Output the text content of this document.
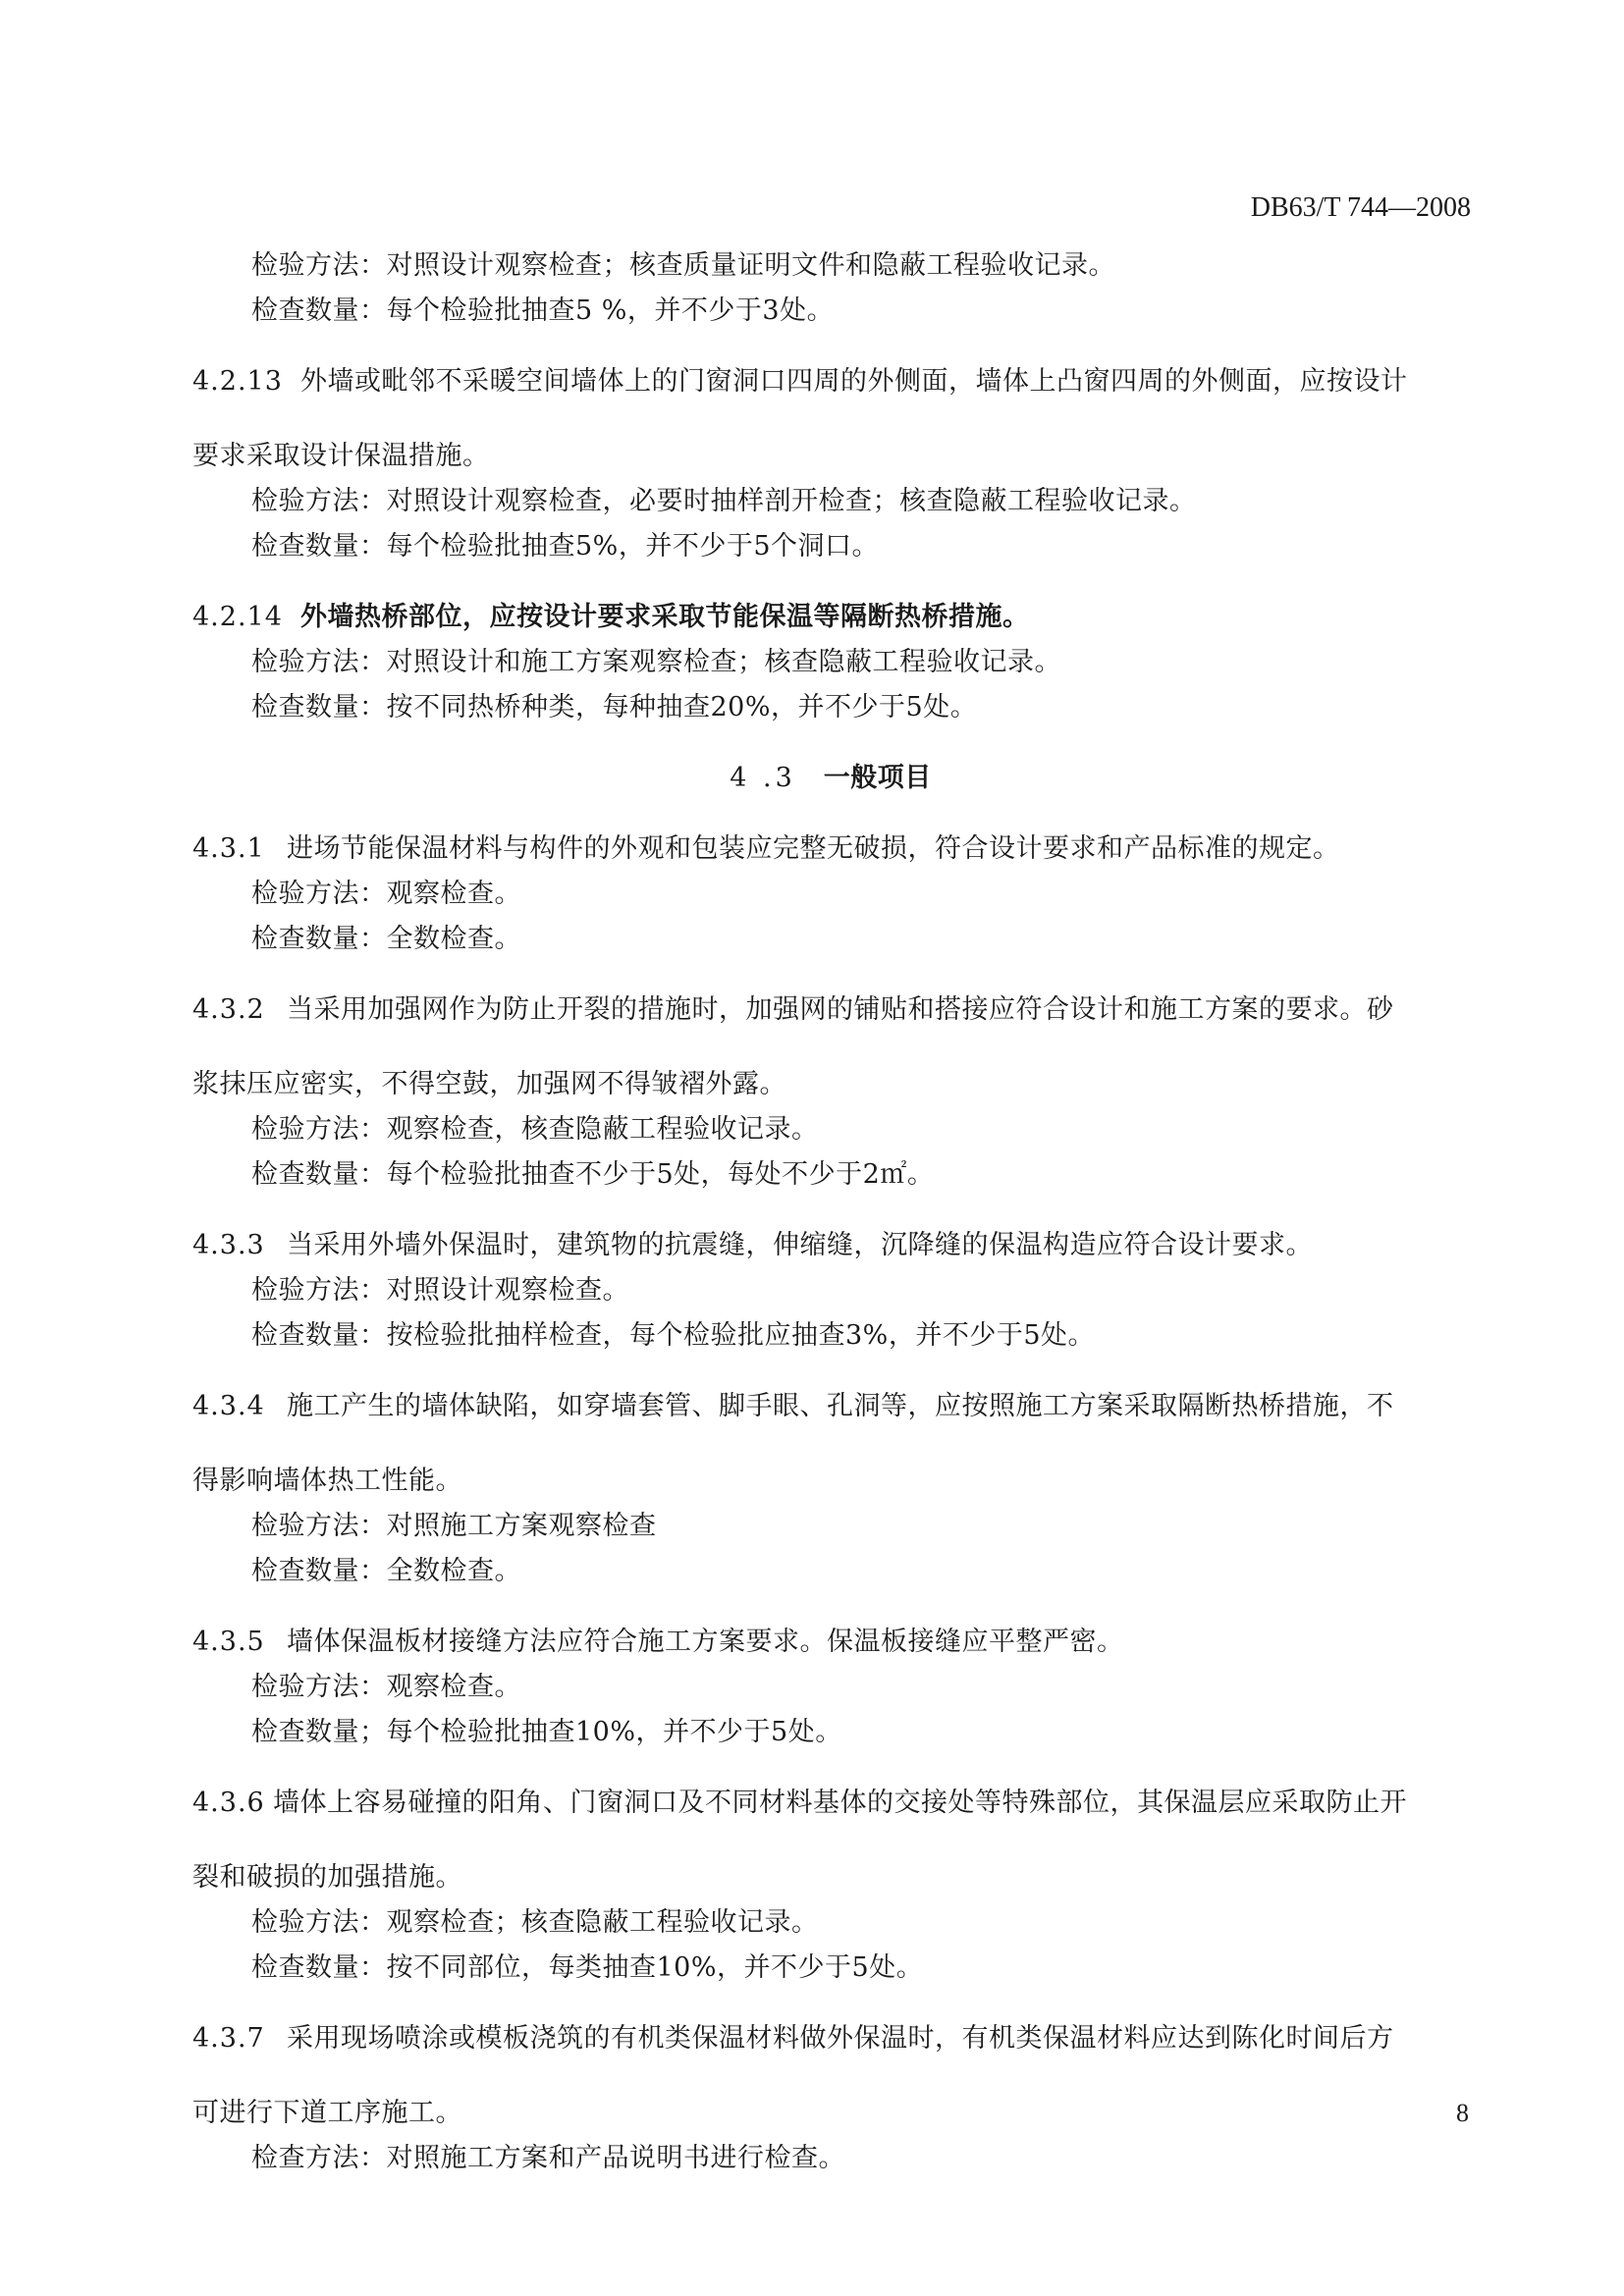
DB63/T 744—2008
检验方法：对照设计观察检查；核查质量证明文件和隐蔽工程验收记录。
检查数量：每个检验批抽查5 %，并不少于3处。
4.2.13 外墙或毗邻不采暖空间墙体上的门窗洞口四周的外侧面，墙体上凸窗四周的外侧面，应按设计
要求采取设计保温措施。
检验方法：对照设计观察检查，必要时抽样剖开检查；核查隐蔽工程验收记录。
检查数量：每个检验批抽查5%，并不少于5个洞口。
4.2.14 外墙热桥部位，应按设计要求采取节能保温等隔断热桥措施。
检验方法：对照设计和施工方案观察检查；核查隐蔽工程验收记录。
检查数量：按不同热桥种类，每种抽查20%，并不少于5处。
4 .3 一般项目
4.3.1 进场节能保温材料与构件的外观和包装应完整无破损，符合设计要求和产品标准的规定。
检验方法：观察检查。
检查数量：全数检查。
4.3.2 当采用加强网作为防止开裂的措施时，加强网的铺贴和搭接应符合设计和施工方案的要求。砂
浆抹压应密实，不得空鼓，加强网不得皱褶外露。
检验方法：观察检查，核查隐蔽工程验收记录。
检查数量：每个检验批抽查不少于5处，每处不少于2㎡。
4.3.3 当采用外墙外保温时，建筑物的抗震缝，伸缩缝，沉降缝的保温构造应符合设计要求。
检验方法：对照设计观察检查。
检查数量：按检验批抽样检查，每个检验批应抽查3%，并不少于5处。
4.3.4 施工产生的墙体缺陷，如穿墙套管、脚手眼、孔洞等，应按照施工方案采取隔断热桥措施，不
得影响墙体热工性能。
检验方法：对照施工方案观察检查
检查数量：全数检查。
4.3.5 墙体保温板材接缝方法应符合施工方案要求。保温板接缝应平整严密。
检验方法：观察检查。
检查数量；每个检验批抽查10%，并不少于5处。
4.3.6 墙体上容易碰撞的阳角、门窗洞口及不同材料基体的交接处等特殊部位，其保温层应采取防止开
裂和破损的加强措施。
检验方法：观察检查；核查隐蔽工程验收记录。
检查数量：按不同部位，每类抽查10%，并不少于5处。
4.3.7 采用现场喷涂或模板浇筑的有机类保温材料做外保温时，有机类保温材料应达到陈化时间后方
可进行下道工序施工。
检查方法：对照施工方案和产品说明书进行检查。
8
